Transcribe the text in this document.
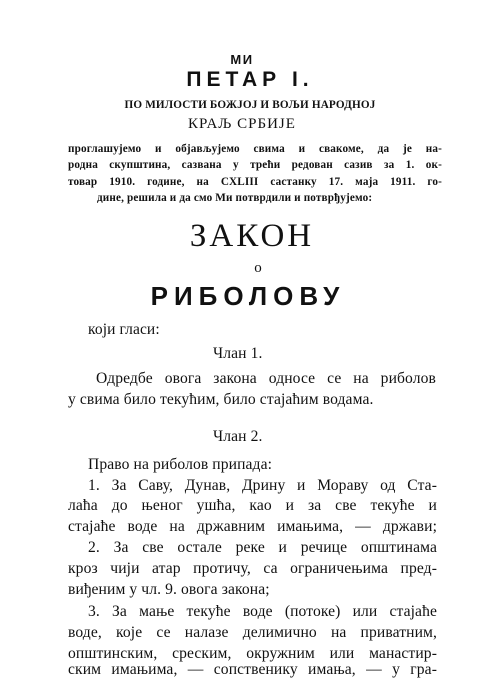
МИ
ПЕТАР I.
ПО МИЛОСТИ БОЖЈОЈ И ВОЉИ НАРОДНОЈ
КРАЉ СРБИЈЕ
проглашујемо и објављујемо свима и свакоме, да је на-
родна скупштина, сазвана у трећи редован сазив за 1. ок-
товар 1910. године, на CXLIII састанку 17. маја 1911. го-
дине, решила и да смо Ми потврдили и потврђујемо:
ЗАКОН
о
РИБОЛОВУ
који гласи:
Члан 1.
Одредбе овога закона односе се на риболов
у свима било текућим, било стајаћим водама.
Члан 2.
Право на риболов припада:
1. За Саву, Дунав, Дрину и Мораву од Ста-
лаћа до њеног ушћа, као и за све текуће и
стајаће воде на државним имањима, — држави;
2. За све остале реке и речице општинама
кроз чији атар протичу, са ограничењима пред-
виђеним у чл. 9. овога закона;
3. За мање текуће воде (потоке) или стајаће
воде, које се налазе делимично на приватним,
општинским, среским, окружним или манастир-
ским имањима, — сопственику имања, — у гра-
